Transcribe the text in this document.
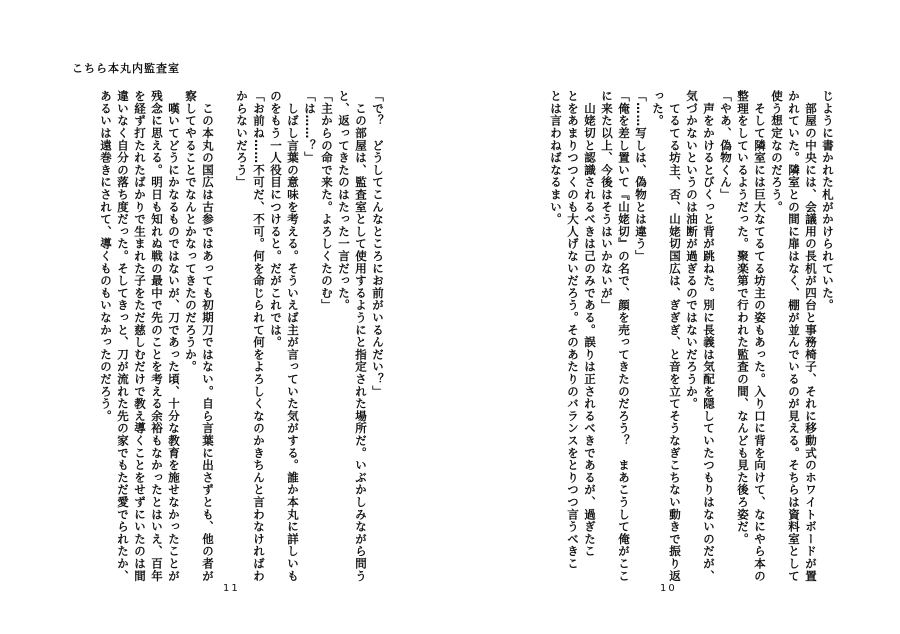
こちら本丸内監査室
「で？　どうしてこんなところにお前がいるんだい？」
　この部屋は、監査室として使用するようにと指定された場所だ。いぶかしみながら問う
と、返ってきたのはたった一言だった。
「主からの命で来た。よろしくたのむ」
「は……？」
　しばし言葉の意味を考える。そういえば主が言っていた気がする。誰か本丸に詳しいも
のをもう一人役目につけると。だがこれでは。
「お前ね……不可だ、不可。何を命じられて何をよろしくなのかきちんと言わなければわ
からないだろう」
　この本丸の国広は古参ではあっても初期刀ではない。自ら言葉に出さずとも、他の者が
察してやることでなんとかなってきたのだろうか。
　嘆いてどうにかなるものではないが、刀であった頃、十分な教育を施せなかったことが
残念に思える。明日も知れぬ戦の最中で先のことを考える余裕もなかったとはいえ、百年
を経ず打たれたばかりで生まれた子をただ慈しむだけで教え導くことをせずにいたのは間
違いなく自分の落ち度だった。そしてきっと、刀が流れた先の家でもただ愛でられたか、
あるいは遠巻きにされて、導くものもいなかったのだろう。	じように書かれた札がかけられていた。
　部屋の中央には、会議用の長机が四台と事務椅子、それに移動式のホワイトボードが置
かれていた。隣室との間に扉はなく、棚が並んでいるのが見える。そちらは資料室として
使う想定なのだろう。
　そして隣室には巨大なてるてる坊主の姿もあった。入り口に背を向けて、なにやら本の
整理をしているようだった。聚楽第で行われた監査の間、なんども見た後ろ姿だ。
「やあ、偽物くん」
　声をかけるとびくっと背が跳ねた。別に長義は気配を隠していたつもりはないのだが、
気づかないというのは油断が過ぎるのではないだろうか。
　てるてる坊主、否、山姥切国広は、ぎぎぎ、と音を立てそうなぎこちない動きで振り返
った。
「……写しは、偽物とは違う」
「俺を差し置いて『山姥切』の名で、顔を売ってきたのだろう？　まあこうして俺がここ
に来た以上、今後はそうはいかないが」
　山姥切と認識されるべきは己のみである。誤りは正されるべきであるが、過ぎたこ
とをあまりつつくのも大人げないだろう。そのあたりのバランスをとりつつ言うべきこ
とは言わねばなるまい。
11	10
